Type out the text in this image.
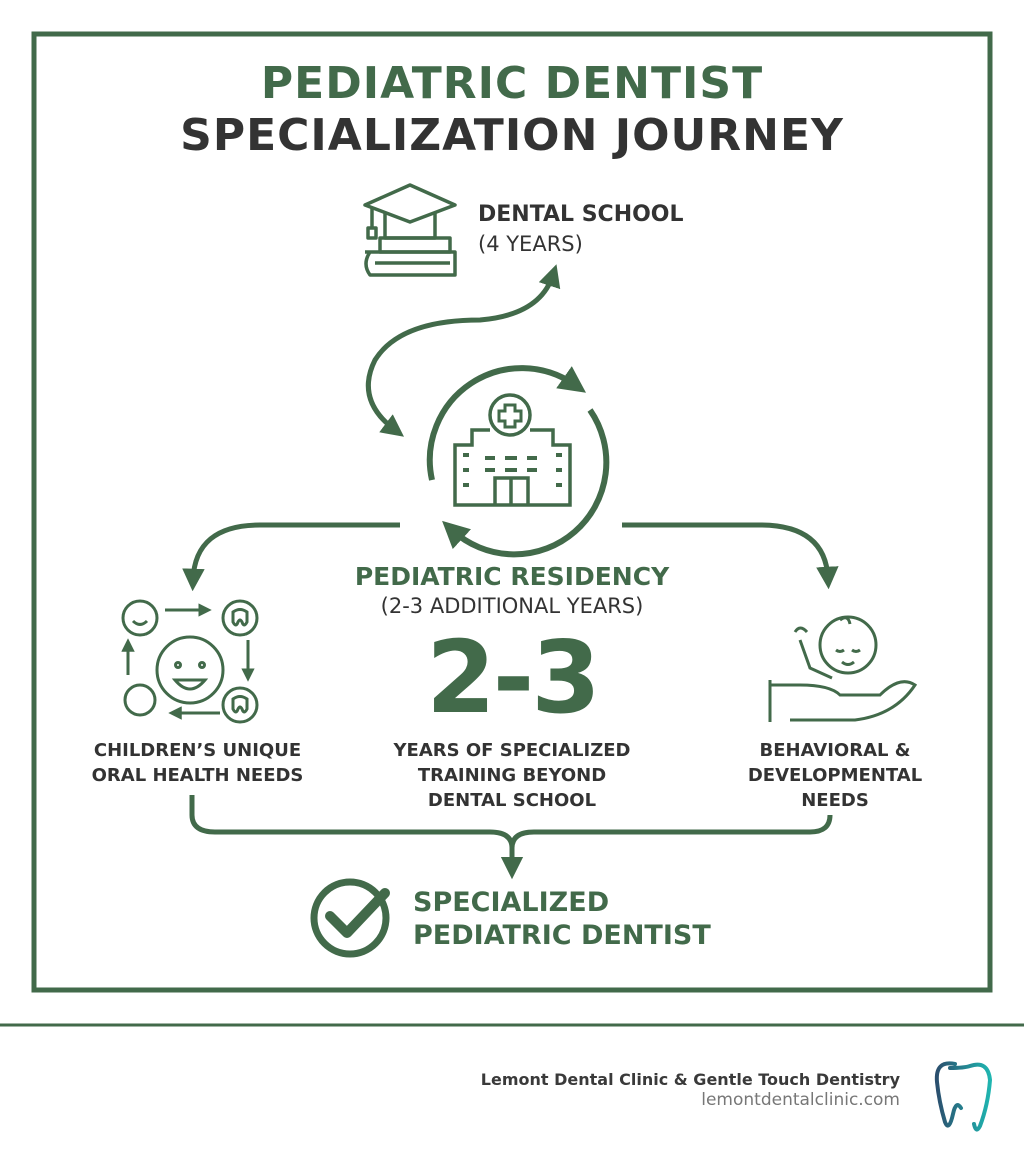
PEDIATRIC DENTIST
SPECIALIZATION JOURNEY
DENTAL SCHOOL
(4 YEARS)
PEDIATRIC RESIDENCY
(2-3 ADDITIONAL YEARS)
2-3
YEARS OF SPECIALIZED
TRAINING BEYOND
DENTAL SCHOOL
CHILDREN’S UNIQUE
ORAL HEALTH NEEDS
BEHAVIORAL &
DEVELOPMENTAL
NEEDS
SPECIALIZED
PEDIATRIC DENTIST
Lemont Dental Clinic & Gentle Touch Dentistry
lemontdentalclinic.com
